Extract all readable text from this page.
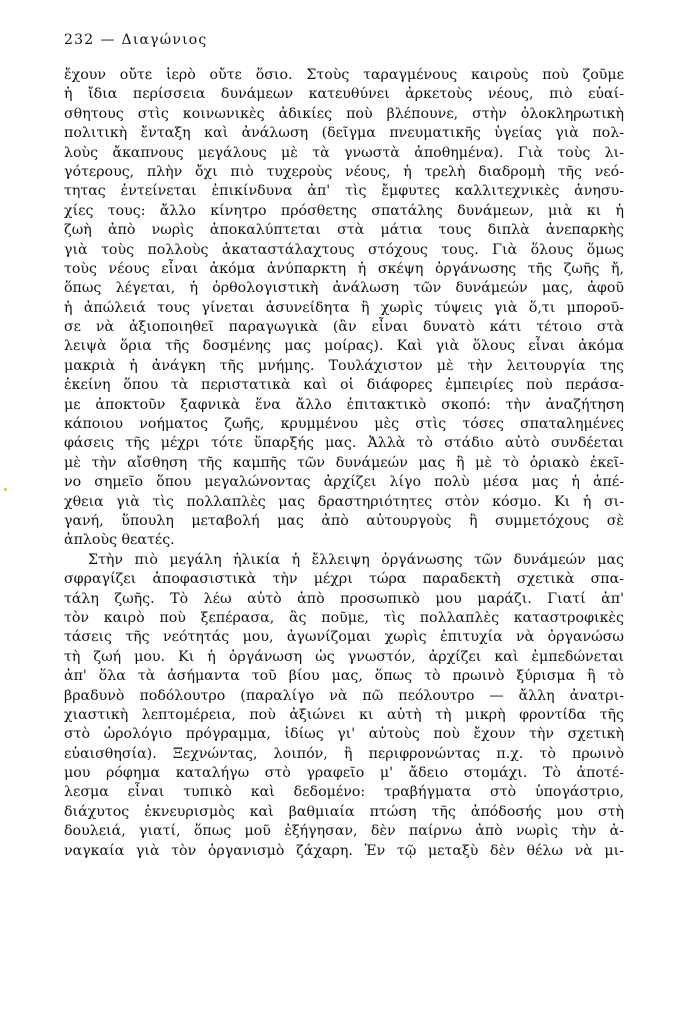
232 — Διαγώνιος
ἔχουν οὔτε ἱερὸ οὔτε ὅσιο. Στοὺς ταραγμένους καιροὺς ποὺ ζοῦμε
ἡ ἴδια περίσσεια δυνάμεων κατευθύνει ἀρκετοὺς νέους, πιὸ εὐαί-
σθητους στὶς κοινωνικὲς ἀδικίες ποὺ βλέπουνε, στὴν ὁλοκληρωτικὴ
πολιτικὴ ἔνταξη καὶ ἀνάλωση (δεῖγμα πνευματικῆς ὑγείας γιὰ πολ-
λοὺς ἄκαπνους μεγάλους μὲ τὰ γνωστὰ ἀποθημένα). Γιὰ τοὺς λι-
γότερους, πλὴν ὄχι πιὸ τυχεροὺς νέους, ἡ τρελὴ διαδρομὴ τῆς νεό-
τητας ἐντείνεται ἐπικίνδυνα ἀπ' τὶς ἔμφυτες καλλιτεχνικὲς ἀνησυ-
χίες τους: ἄλλο κίνητρο πρόσθετης σπατάλης δυνάμεων, μιὰ κι ἡ
ζωὴ ἀπὸ νωρὶς ἀποκαλύπτεται στὰ μάτια τους διπλὰ ἀνεπαρκὴς
γιὰ τοὺς πολλοὺς ἀκαταστάλαχτους στόχους τους. Γιὰ ὅλους ὅμως
τοὺς νέους εἶναι ἀκόμα ἀνύπαρκτη ἡ σκέψη ὀργάνωσης τῆς ζωῆς ἤ,
ὅπως λέγεται, ἡ ὀρθολογιστικὴ ἀνάλωση τῶν δυνάμεών μας, ἀφοῦ
ἡ ἀπώλειά τους γίνεται ἀσυνείδητα ἢ χωρὶς τύψεις γιὰ ὅ,τι μποροῦ-
σε νὰ ἀξιοποιηθεῖ παραγωγικὰ (ἂν εἶναι δυνατὸ κάτι τέτοιο στὰ
λειψὰ ὅρια τῆς δοσμένης μας μοίρας). Καὶ γιὰ ὅλους εἶναι ἀκόμα
μακριὰ ἡ ἀνάγκη τῆς μνήμης. Τουλάχιστον μὲ τὴν λειτουργία της
ἐκείνη ὅπου τὰ περιστατικὰ καὶ οἱ διάφορες ἐμπειρίες ποὺ περάσα-
με ἀποκτοῦν ξαφνικὰ ἕνα ἄλλο ἐπιτακτικὸ σκοπό: τὴν ἀναζήτηση
κάποιου νοήματος ζωῆς, κρυμμένου μὲς στὶς τόσες σπαταλημένες
φάσεις τῆς μέχρι τότε ὕπαρξής μας. Ἀλλὰ τὸ στάδιο αὐτὸ συνδέεται
μὲ τὴν αἴσθηση τῆς καμπῆς τῶν δυνάμεών μας ἢ μὲ τὸ ὁριακὸ ἐκεῖ-
νο σημεῖο ὅπου μεγαλώνοντας ἀρχίζει λίγο πολὺ μέσα μας ἡ ἀπέ-
χθεια γιὰ τὶς πολλαπλὲς μας δραστηριότητες στὸν κόσμο. Κι ἡ σι-
γανή, ὕπουλη μεταβολή μας ἀπὸ αὐτουργοὺς ἢ συμμετόχους σὲ
ἀπλοὺς θεατές.
Στὴν πιὸ μεγάλη ἡλικία ἡ ἔλλειψη ὀργάνωσης τῶν δυνάμεών μας
σφραγίζει ἀποφασιστικὰ τὴν μέχρι τώρα παραδεκτὴ σχετικὰ σπα-
τάλη ζωῆς. Τὸ λέω αὐτὸ ἀπὸ προσωπικὸ μου μαράζι. Γιατί ἀπ'
τὸν καιρὸ ποὺ ξεπέρασα, ἂς ποῦμε, τὶς πολλαπλὲς καταστροφικὲς
τάσεις τῆς νεότητάς μου, ἀγωνίζομαι χωρὶς ἐπιτυχία νὰ ὀργανώσω
τὴ ζωή μου. Κι ἡ ὀργάνωση ὡς γνωστόν, ἀρχίζει καὶ ἐμπεδώνεται
ἀπ' ὅλα τὰ ἀσήμαντα τοῦ βίου μας, ὅπως τὸ πρωινὸ ξύρισμα ἢ τὸ
βραδυνὸ ποδόλουτρο (παραλίγο νὰ πῶ πεόλουτρο — ἄλλη ἀνατρι-
χιαστικὴ λεπτομέρεια, ποὺ ἀξιώνει κι αὐτὴ τὴ μικρὴ φροντίδα τῆς
στὸ ὡρολόγιο πρόγραμμα, ἰδίως γι' αὐτοὺς ποὺ ἔχουν τὴν σχετικὴ
εὐαισθησία). Ξεχνώντας, λοιπόν, ἢ περιφρονώντας π.χ. τὸ πρωινὸ
μου ρόφημα καταλήγω στὸ γραφεῖο μ' ἄδειο στομάχι. Τὸ ἀποτέ-
λεσμα εἶναι τυπικὸ καὶ δεδομένο: τραβήγματα στὸ ὑπογάστριο,
διάχυτος ἐκνευρισμὸς καὶ βαθμιαία πτώση τῆς ἀπόδοσής μου στὴ
δουλειά, γιατί, ὅπως μοῦ ἐξήγησαν, δὲν παίρνω ἀπὸ νωρὶς τὴν ἀ-
ναγκαία γιὰ τὸν ὀργανισμὸ ζάχαρη. Ἐν τῷ μεταξὺ δὲν θέλω νὰ μι-
